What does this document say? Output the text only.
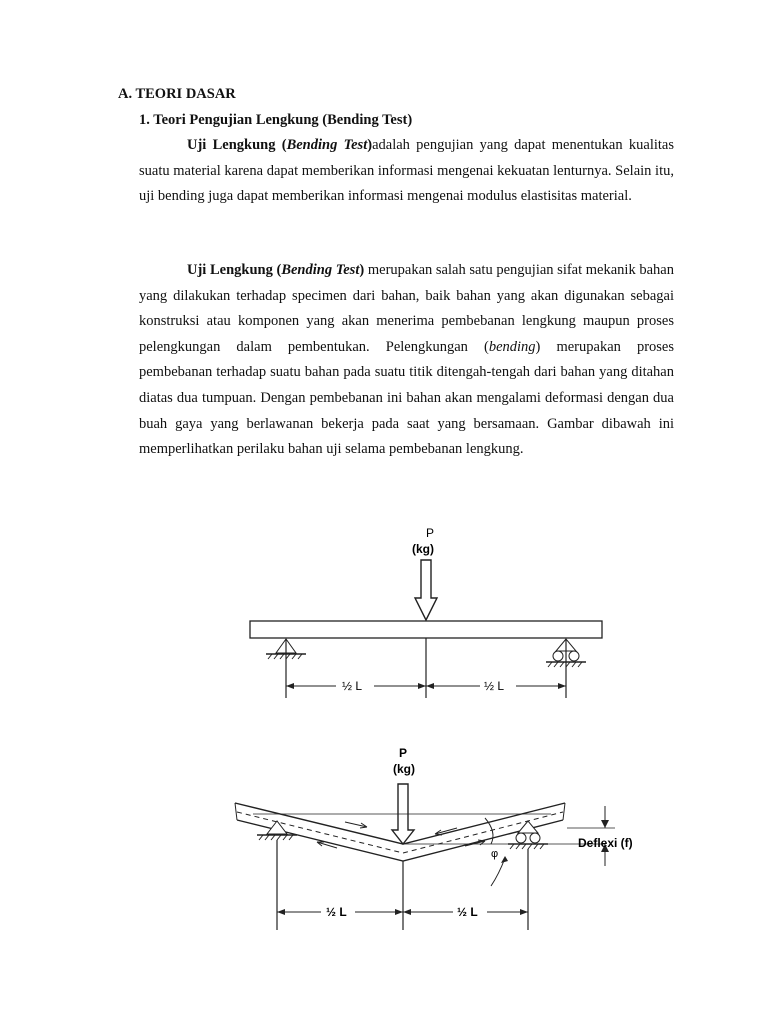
A. TEORI DASAR
1. Teori Pengujian Lengkung (Bending Test)

Uji Lengkung (Bending Test)adalah pengujian yang dapat menentukan kualitas suatu material karena dapat memberikan informasi mengenai kekuatan lenturnya. Selain itu, uji bending juga dapat memberikan informasi mengenai modulus elastisitas material.

Uji Lengkung (Bending Test) merupakan salah satu pengujian sifat mekanik bahan yang dilakukan terhadap specimen dari bahan, baik bahan yang akan digunakan sebagai konstruksi atau komponen yang akan menerima pembebanan lengkung maupun proses pelengkungan dalam pembentukan. Pelengkungan (bending) merupakan proses pembebanan terhadap suatu bahan pada suatu titik ditengah-tengah dari bahan yang ditahan diatas dua tumpuan. Dengan pembebanan ini bahan akan mengalami deformasi dengan dua buah gaya yang berlawanan bekerja pada saat yang bersamaan. Gambar dibawah ini memperlihatkan perilaku bahan uji selama pembebanan lengkung.

P
(kg)
½ L	½ L
P
(kg)
φ
Deflexi (f)
½ L	½ L
